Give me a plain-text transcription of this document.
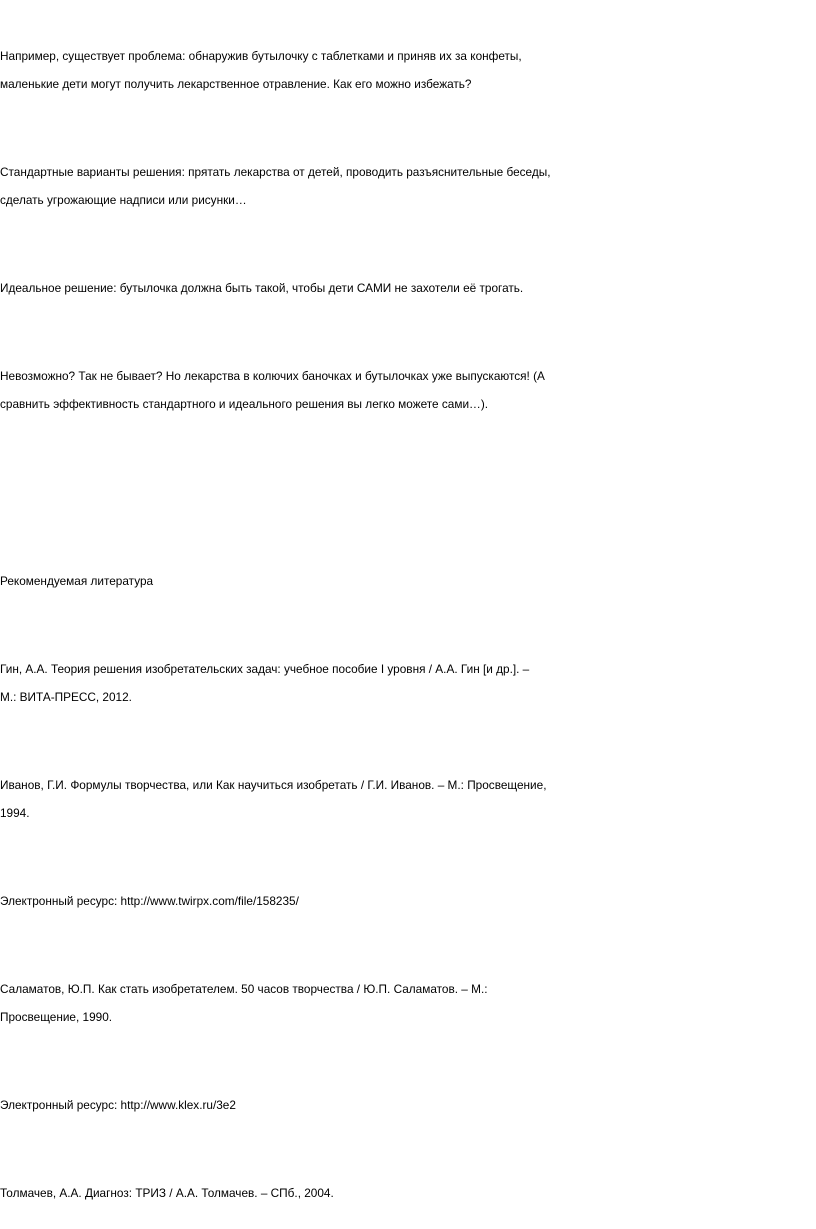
Например, существует проблема: обнаружив бутылочку с таблетками и приняв их за конфеты,
маленькие дети могут получить лекарственное отравление. Как его можно избежать?

Стандартные варианты решения: прятать лекарства от детей, проводить разъяснительные беседы,
сделать угрожающие надписи или рисунки…

Идеальное решение: бутылочка должна быть такой, чтобы дети САМИ не захотели её трогать.

Невозможно? Так не бывает? Но лекарства в колючих баночках и бутылочках уже выпускаются! (А
сравнить эффективность стандартного и идеального решения вы легко можете сами…).

Рекомендуемая литература

Гин, А.А. Теория решения изобретательских задач: учебное пособие I уровня / А.А. Гин [и др.]. –
М.: ВИТА-ПРЕСС, 2012.

Иванов, Г.И. Формулы творчества, или Как научиться изобретать / Г.И. Иванов. – М.: Просвещение,
1994.

Электронный ресурс: http://www.twirpx.com/file/158235/

Саламатов, Ю.П. Как стать изобретателем. 50 часов творчества / Ю.П. Саламатов. – М.:
Просвещение, 1990.

Электронный ресурс: http://www.klex.ru/3e2

Толмачев, А.А. Диагноз: ТРИЗ / А.А. Толмачев. – СПб., 2004.
